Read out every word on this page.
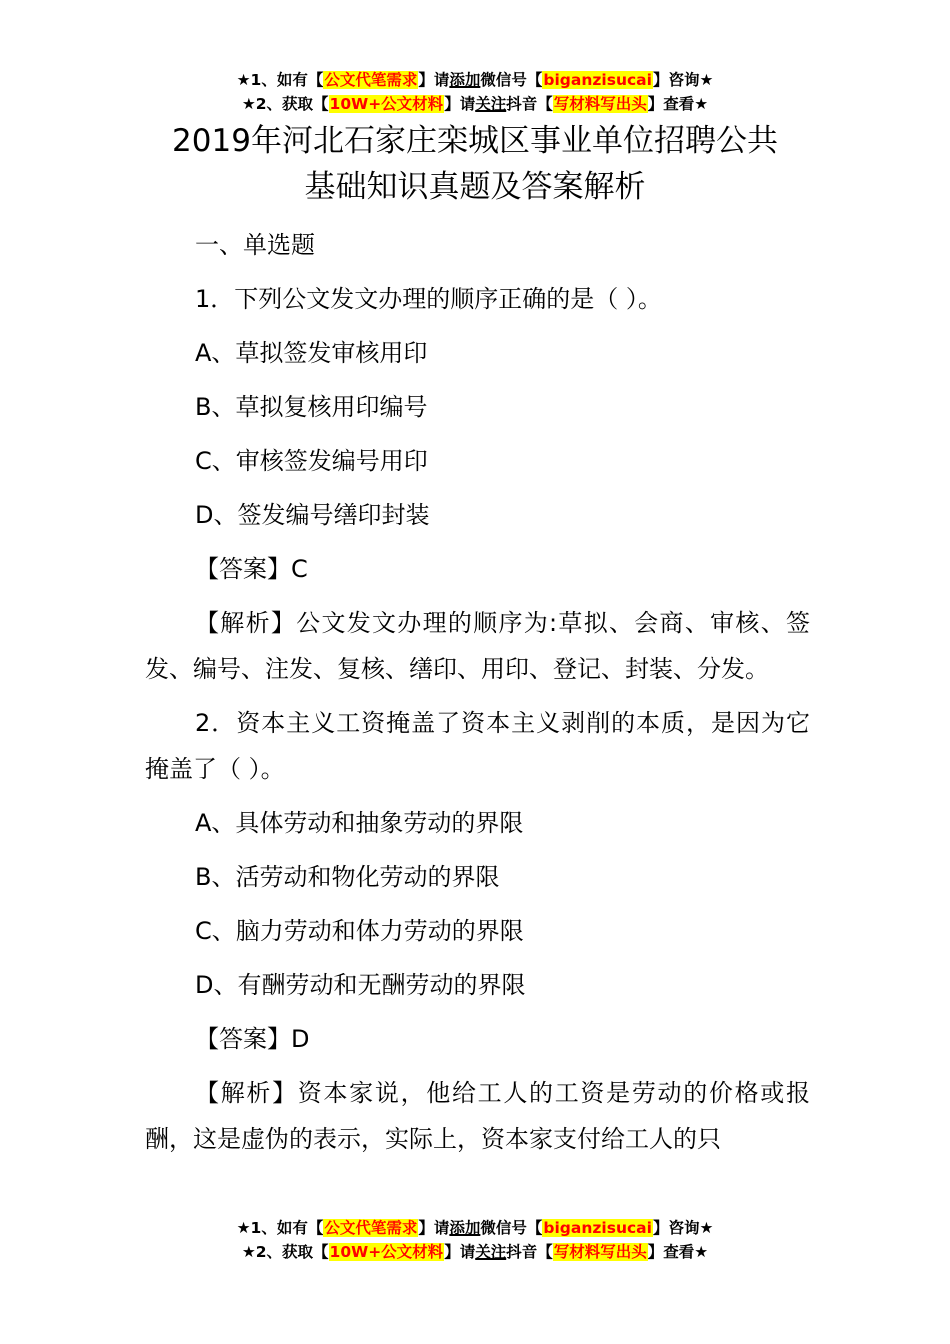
★1、如有【公文代笔需求】请添加微信号【biganzisucai】咨询★
★2、获取【10W+公文材料】请关注抖音【写材料写出头】查看★
2019年河北石家庄栾城区事业单位招聘公共
基础知识真题及答案解析

一、单选题

1．下列公文发文办理的顺序正确的是（ ）。

A、草拟签发审核用印

B、草拟复核用印编号

C、审核签发编号用印

D、签发编号缮印封装

【答案】C

【解析】公文发文办理的顺序为:草拟、会商、审核、签发、编号、注发、复核、缮印、用印、登记、封装、分发。

2．资本主义工资掩盖了资本主义剥削的本质，是因为它掩盖了（ ）。

A、具体劳动和抽象劳动的界限

B、活劳动和物化劳动的界限

C、脑力劳动和体力劳动的界限

D、有酬劳动和无酬劳动的界限

【答案】D

【解析】资本家说，他给工人的工资是劳动的价格或报酬，这是虚伪的表示，实际上，资本家支付给工人的只

★1、如有【公文代笔需求】请添加微信号【biganzisucai】咨询★
★2、获取【10W+公文材料】请关注抖音【写材料写出头】查看★
